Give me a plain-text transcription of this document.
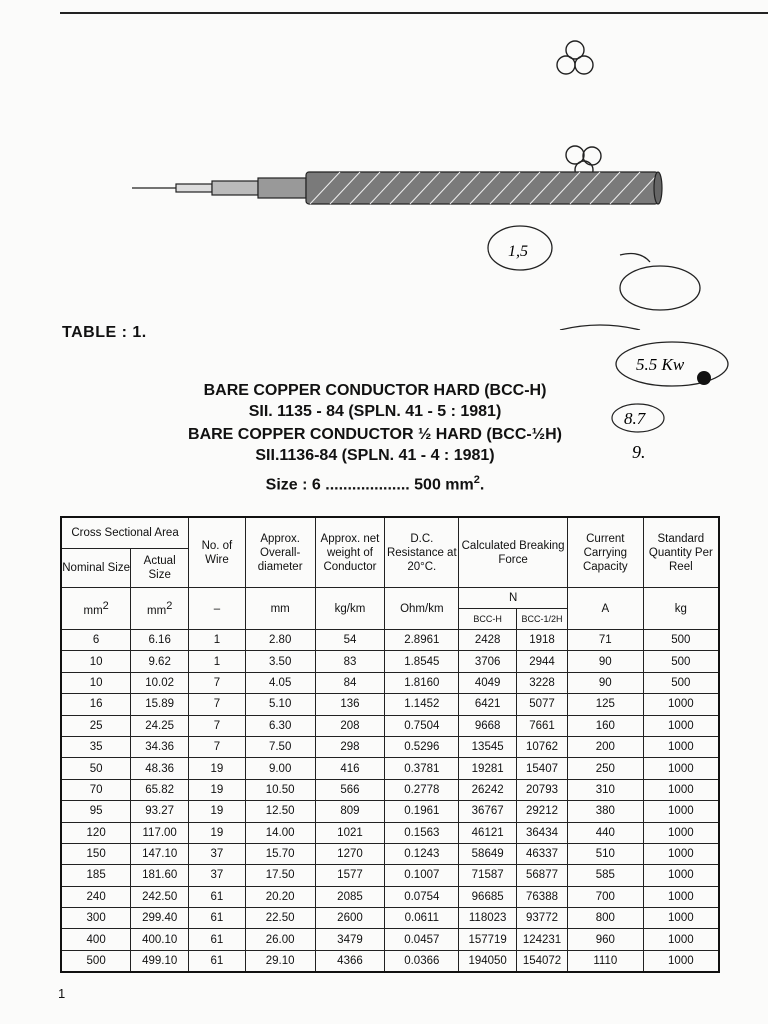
1,5
5.5 Kw
8.7
9.
TABLE : 1.
BARE COPPER CONDUCTOR HARD (BCC-H)
SII. 1135 - 84 (SPLN. 41 - 5 : 1981)
BARE COPPER CONDUCTOR ½ HARD (BCC-½H)
SII.1136-84 (SPLN. 41 - 4 : 1981)
Size : 6 ................... 500 $mm^2$.
Cross Sectional Area		No. of Wire	Approx. Overall-diameter	Approx. net weight of Conductor	D.C. Resistance at 20°C.	Calculated Breaking Force		Current Carrying Capacity	Standard Quantity Per Reel
Nominal Size	Actual Size								
$mm^2$	$mm^2$	–	mm	kg/km	Ohm/km	N		A	kg
						BCC-H	BCC-1/2H		
6	6.16	1	2.80	54	2.8961	2428	1918	71	500
10	9.62	1	3.50	83	1.8545	3706	2944	90	500
10	10.02	7	4.05	84	1.8160	4049	3228	90	500
16	15.89	7	5.10	136	1.1452	6421	5077	125	1000
25	24.25	7	6.30	208	0.7504	9668	7661	160	1000
35	34.36	7	7.50	298	0.5296	13545	10762	200	1000
50	48.36	19	9.00	416	0.3781	19281	15407	250	1000
70	65.82	19	10.50	566	0.2778	26242	20793	310	1000
95	93.27	19	12.50	809	0.1961	36767	29212	380	1000
120	117.00	19	14.00	1021	0.1563	46121	36434	440	1000
150	147.10	37	15.70	1270	0.1243	58649	46337	510	1000
185	181.60	37	17.50	1577	0.1007	71587	56877	585	1000
240	242.50	61	20.20	2085	0.0754	96685	76388	700	1000
300	299.40	61	22.50	2600	0.0611	118023	93772	800	1000
400	400.10	61	26.00	3479	0.0457	157719	124231	960	1000
500	499.10	61	29.10	4366	0.0366	194050	154072	1110	1000
1
